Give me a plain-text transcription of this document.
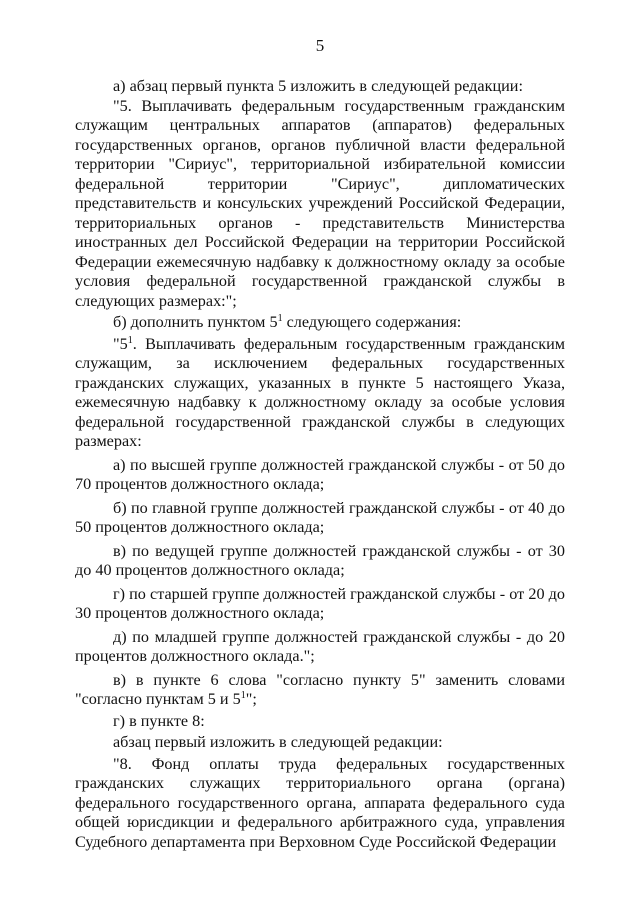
5

а) абзац первый пункта 5 изложить в следующей редакции:

"5. Выплачивать федеральным государственным гражданским служащим центральных аппаратов (аппаратов) федеральных государственных органов, органов публичной власти федеральной территории "Сириус", территориальной избирательной комиссии федеральной территории "Сириус", дипломатических представительств и консульских учреждений Российской Федерации, территориальных органов - представительств Министерства иностранных дел Российской Федерации на территории Российской Федерации ежемесячную надбавку к должностному окладу за особые условия федеральной государственной гражданской службы в следующих размерах:";

б) дополнить пунктом $5^1$ следующего содержания:

"$5^1$. Выплачивать федеральным государственным гражданским служащим, за исключением федеральных государственных гражданских служащих, указанных в пункте 5 настоящего Указа, ежемесячную надбавку к должностному окладу за особые условия федеральной государственной гражданской службы в следующих размерах:

а) по высшей группе должностей гражданской службы - от 50 до 70 процентов должностного оклада;

б) по главной группе должностей гражданской службы - от 40 до 50 процентов должностного оклада;

в) по ведущей группе должностей гражданской службы - от 30 до 40 процентов должностного оклада;

г) по старшей группе должностей гражданской службы - от 20 до 30 процентов должностного оклада;

д) по младшей группе должностей гражданской службы - до 20 процентов должностного оклада.";

в) в пункте 6 слова "согласно пункту 5" заменить словами "согласно пунктам 5 и $5^1$";

г) в пункте 8:

абзац первый изложить в следующей редакции:

"8. Фонд оплаты труда федеральных государственных гражданских служащих территориального органа (органа) федерального государственного органа, аппарата федерального суда общей юрисдикции и федерального арбитражного суда, управления Судебного департамента при Верховном Суде Российской Федерации
